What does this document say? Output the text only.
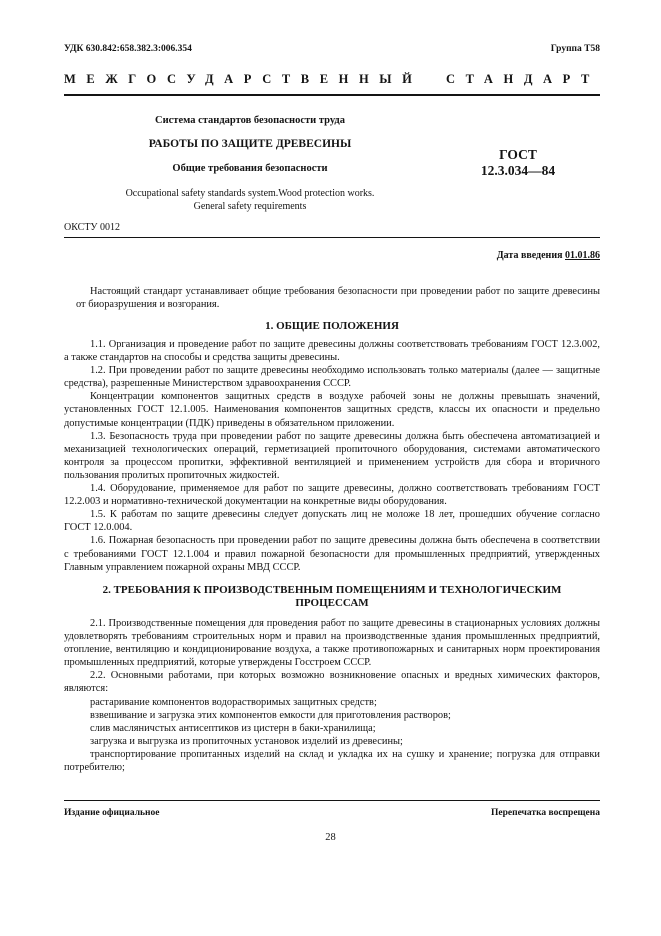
УДК 630.842:658.382.3:006.354	Группа Т58
МЕЖГОСУДАРСТВЕННЫЙ СТАНДАРТ
Система стандартов безопасности труда
РАБОТЫ ПО ЗАЩИТЕ ДРЕВЕСИНЫ
Общие требования безопасности
Occupational safety standards system.Wood protection works.
General safety requirements
ГОСТ
12.3.034—84
ОКСТУ 0012
Дата введения 01.01.86

Настоящий стандарт устанавливает общие требования безопасности при проведении работ по защите древесины от биоразрушения и возгорания.

1. ОБЩИЕ ПОЛОЖЕНИЯ

1.1. Организация и проведение работ по защите древесины должны соответствовать требованиям ГОСТ 12.3.002, а также стандартов на способы и средства защиты древесины.

1.2. При проведении работ по защите древесины необходимо использовать только материалы (далее — защитные средства), разрешенные Министерством здравоохранения СССР.

Концентрации компонентов защитных средств в воздухе рабочей зоны не должны превышать значений, установленных ГОСТ 12.1.005. Наименования компонентов защитных средств, классы их опасности и предельно допустимые концентрации (ПДК) приведены в обязательном приложении.

1.3. Безопасность труда при проведении работ по защите древесины должна быть обеспечена автоматизацией и механизацией технологических операций, герметизацией пропиточного оборудования, системами автоматического контроля за процессом пропитки, эффективной вентиляцией и применением устройств для сбора и вторичного пользования пролитых пропиточных жидкостей.

1.4. Оборудование, применяемое для работ по защите древесины, должно соответствовать требованиям ГОСТ 12.2.003 и нормативно-технической документации на конкретные виды оборудования.

1.5. К работам по защите древесины следует допускать лиц не моложе 18 лет, прошедших обучение согласно ГОСТ 12.0.004.

1.6. Пожарная безопасность при проведении работ по защите древесины должна быть обеспечена в соответствии с требованиями ГОСТ 12.1.004 и правил пожарной безопасности для промышленных предприятий, утвержденных Главным управлением пожарной охраны МВД СССР.

2. ТРЕБОВАНИЯ К ПРОИЗВОДСТВЕННЫМ ПОМЕЩЕНИЯМ И ТЕХНОЛОГИЧЕСКИМ
ПРОЦЕССАМ

2.1. Производственные помещения для проведения работ по защите древесины в стационарных условиях должны удовлетворять требованиям строительных норм и правил на производственные здания промышленных предприятий, отопление, вентиляцию и кондиционирование воздуха, а также противопожарных и санитарных норм проектирования промышленных предприятий, которые утверждены Госстроем СССР.

2.2. Основными работами, при которых возможно возникновение опасных и вредных химических факторов, являются:

растаривание компонентов водорастворимых защитных средств;

взвешивание и загрузка этих компонентов емкости для приготовления растворов;

слив масляничстых антисептиков из цистерн в баки-хранилища;

загрузка и выгрузка из пропиточных установок изделий из древесины;

транспортирование пропитанных изделий на склад и укладка их на сушку и хранение; погрузка для отправки потребителю;

Издание официальное	Перепечатка воспрещена
28
